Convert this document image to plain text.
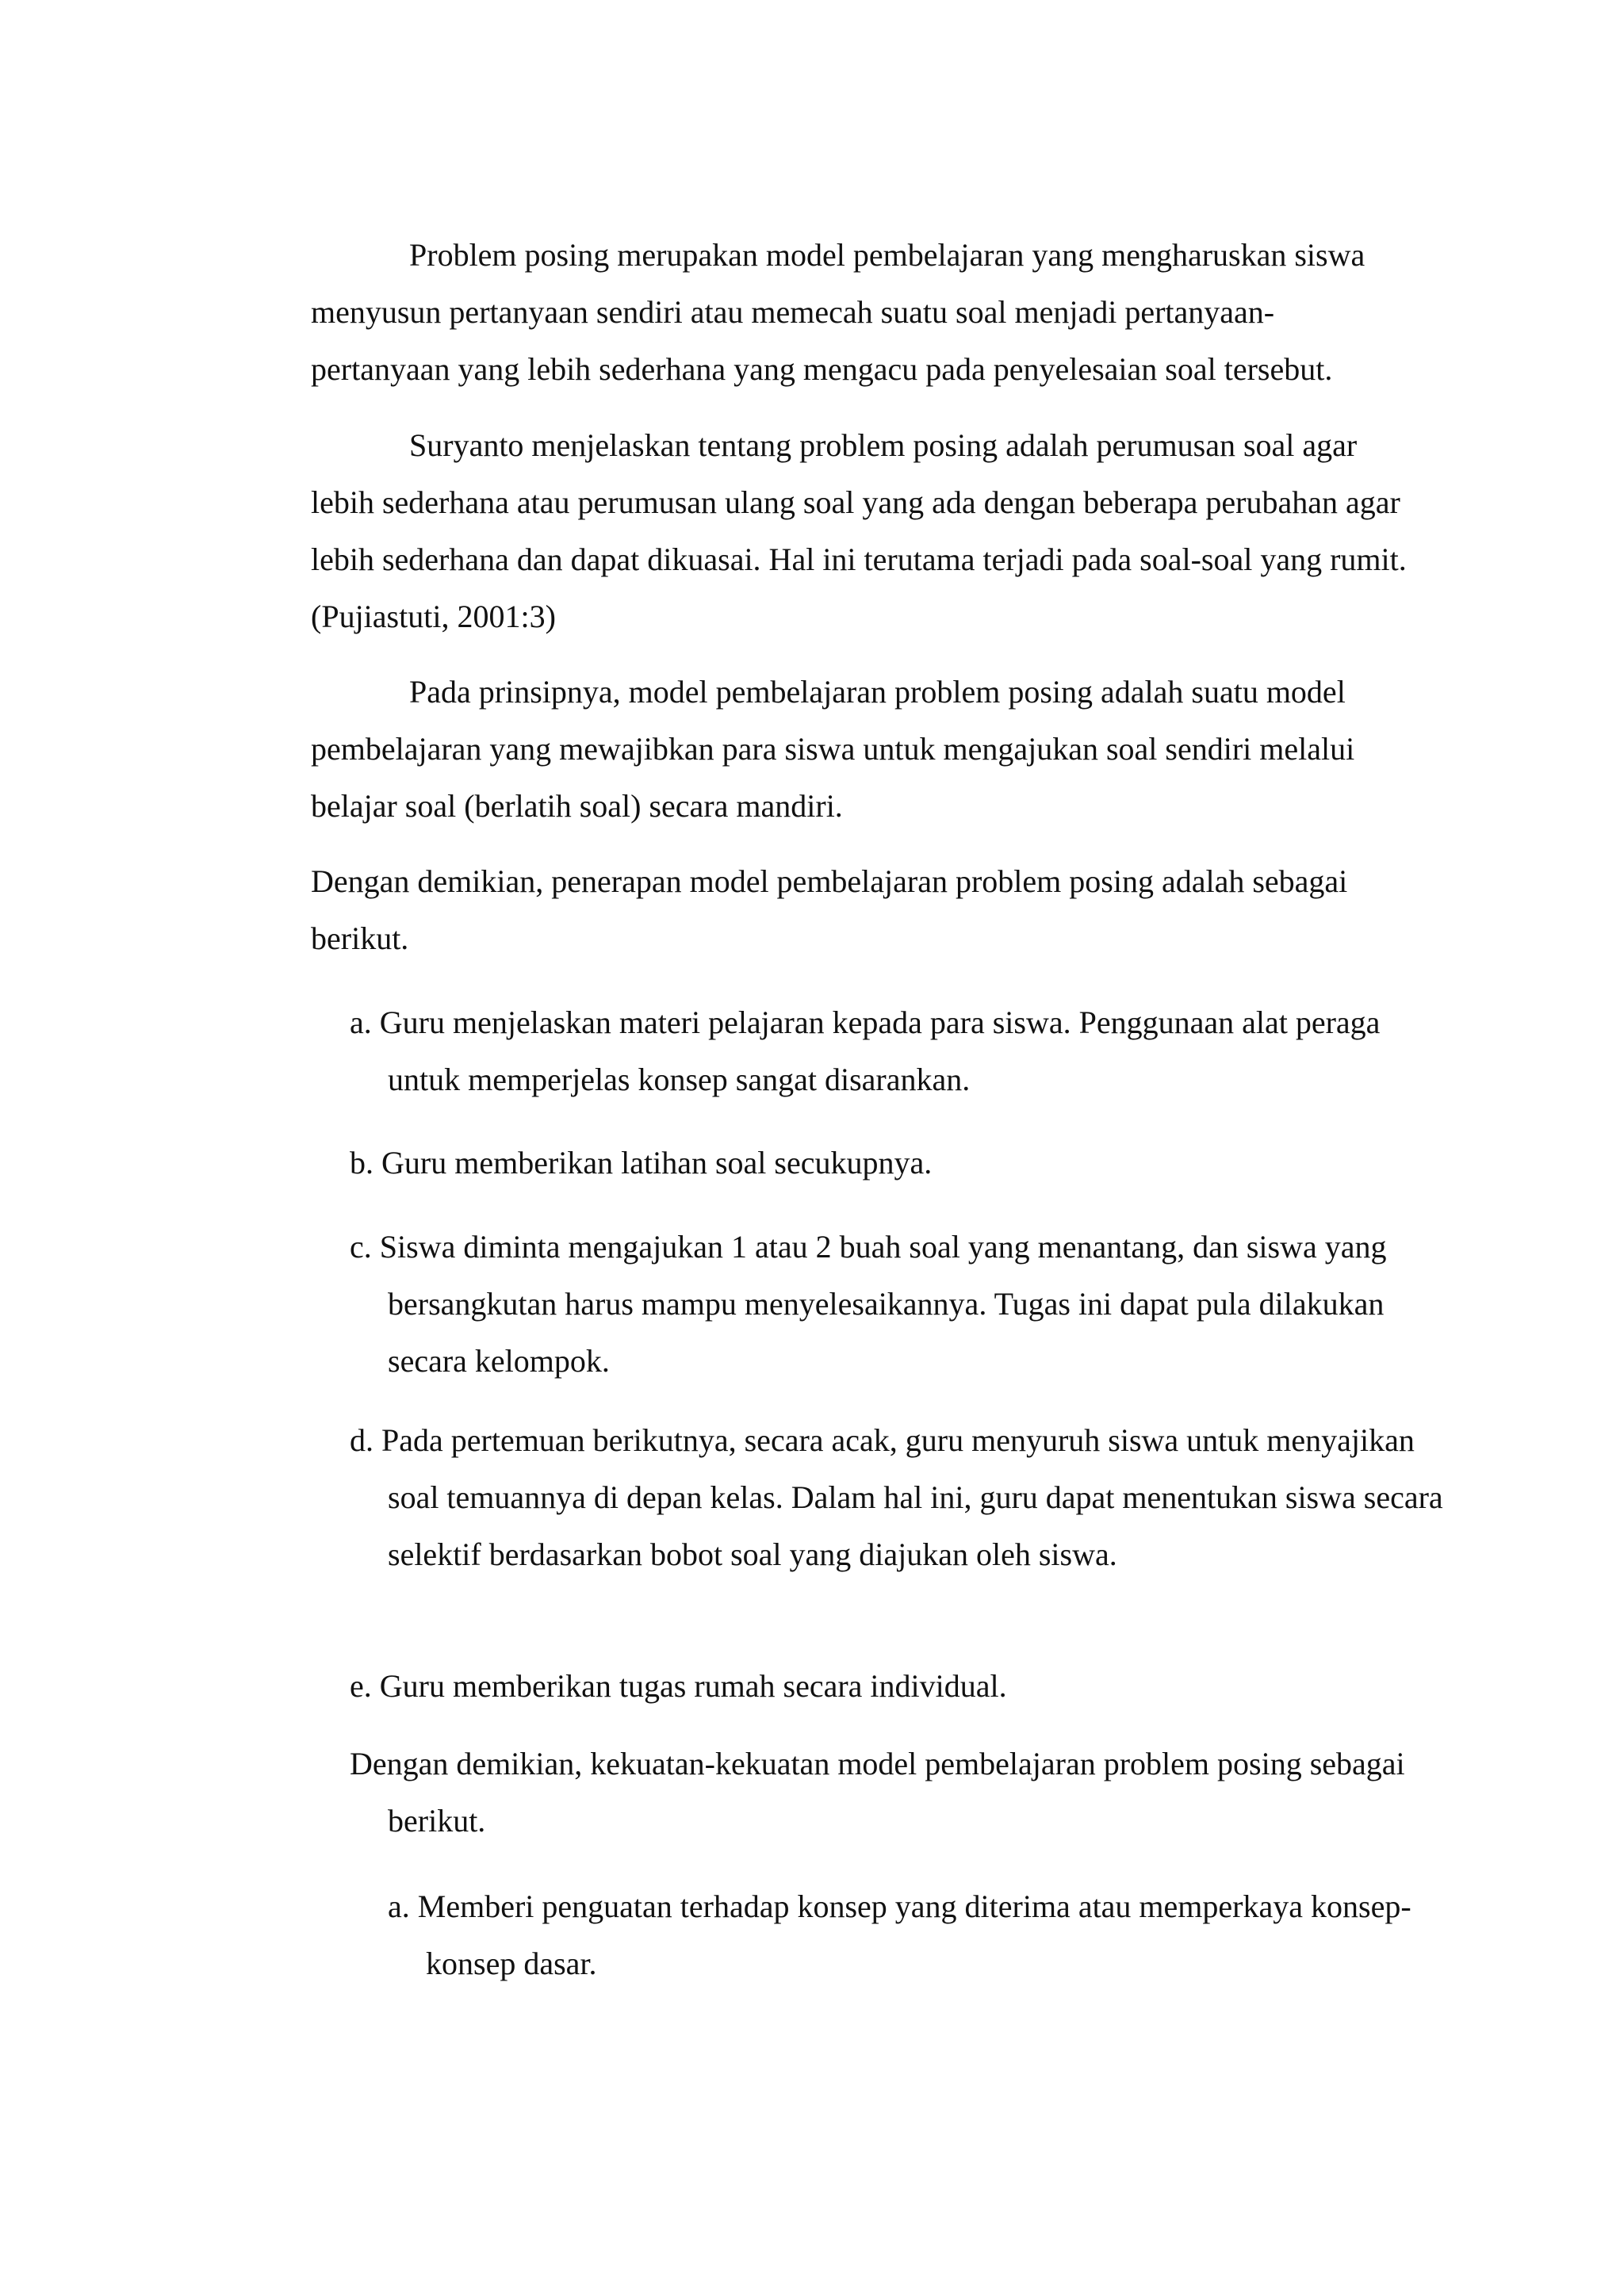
Problem posing merupakan model pembelajaran yang mengharuskan siswa menyusun pertanyaan sendiri atau memecah suatu soal menjadi pertanyaan-pertanyaan yang lebih sederhana yang mengacu pada penyelesaian soal tersebut.

Suryanto menjelaskan tentang problem posing adalah perumusan soal agar lebih sederhana atau perumusan ulang soal yang ada dengan beberapa perubahan agar lebih sederhana dan dapat dikuasai. Hal ini terutama terjadi pada soal-soal yang rumit. (Pujiastuti, 2001:3)

Pada prinsipnya, model pembelajaran problem posing adalah suatu model pembelajaran yang mewajibkan para siswa untuk mengajukan soal sendiri melalui belajar soal (berlatih soal) secara mandiri.

Dengan demikian, penerapan model pembelajaran problem posing adalah sebagai berikut.

a. Guru menjelaskan materi pelajaran kepada para siswa. Penggunaan alat peraga untuk memperjelas konsep sangat disarankan.
b. Guru memberikan latihan soal secukupnya.
c. Siswa diminta mengajukan 1 atau 2 buah soal yang menantang, dan siswa yang bersangkutan harus mampu menyelesaikannya. Tugas ini dapat pula dilakukan secara kelompok.
d. Pada pertemuan berikutnya, secara acak, guru menyuruh siswa untuk menyajikan soal temuannya di depan kelas. Dalam hal ini, guru dapat menentukan siswa secara selektif berdasarkan bobot soal yang diajukan oleh siswa.
e. Guru memberikan tugas rumah secara individual.
Dengan demikian, kekuatan-kekuatan model pembelajaran problem posing sebagai berikut.
a. Memberi penguatan terhadap konsep yang diterima atau memperkaya konsep-konsep dasar.
